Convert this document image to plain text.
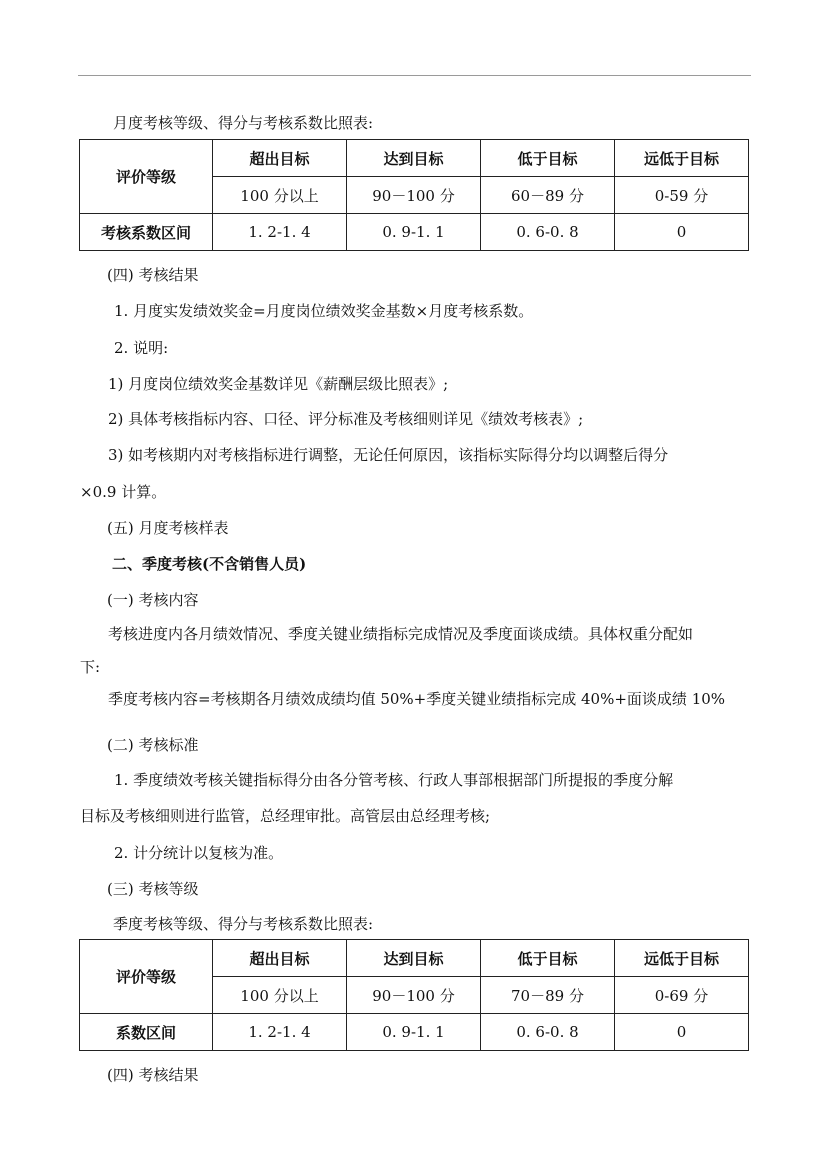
月度考核等级、得分与考核系数比照表:
评价等级	超出目标	达到目标	低于目标	远低于目标
	100 分以上	90－100 分	60－89 分	0-59 分
考核系数区间	1. 2-1. 4	0. 9-1. 1	0. 6-0. 8	0
(四) 考核结果
1. 月度实发绩效奖金=月度岗位绩效奖金基数×月度考核系数。
2. 说明:
1) 月度岗位绩效奖金基数详见《薪酬层级比照表》;
2) 具体考核指标内容、口径、评分标准及考核细则详见《绩效考核表》;
3) 如考核期内对考核指标进行调整，无论任何原因，该指标实际得分均以调整后得分
×0.9 计算。
(五) 月度考核样表
二、季度考核(不含销售人员)
(一) 考核内容
考核进度内各月绩效情况、季度关键业绩指标完成情况及季度面谈成绩。具体权重分配如
下:
季度考核内容=考核期各月绩效成绩均值 50%+季度关键业绩指标完成 40%+面谈成绩 10%
(二) 考核标准
1. 季度绩效考核关键指标得分由各分管考核、行政人事部根据部门所提报的季度分解
目标及考核细则进行监管，总经理审批。高管层由总经理考核;
2. 计分统计以复核为准。
(三) 考核等级
季度考核等级、得分与考核系数比照表:
评价等级	超出目标	达到目标	低于目标	远低于目标
	100 分以上	90－100 分	70－89 分	0-69 分
系数区间	1. 2-1. 4	0. 9-1. 1	0. 6-0. 8	0
(四) 考核结果
